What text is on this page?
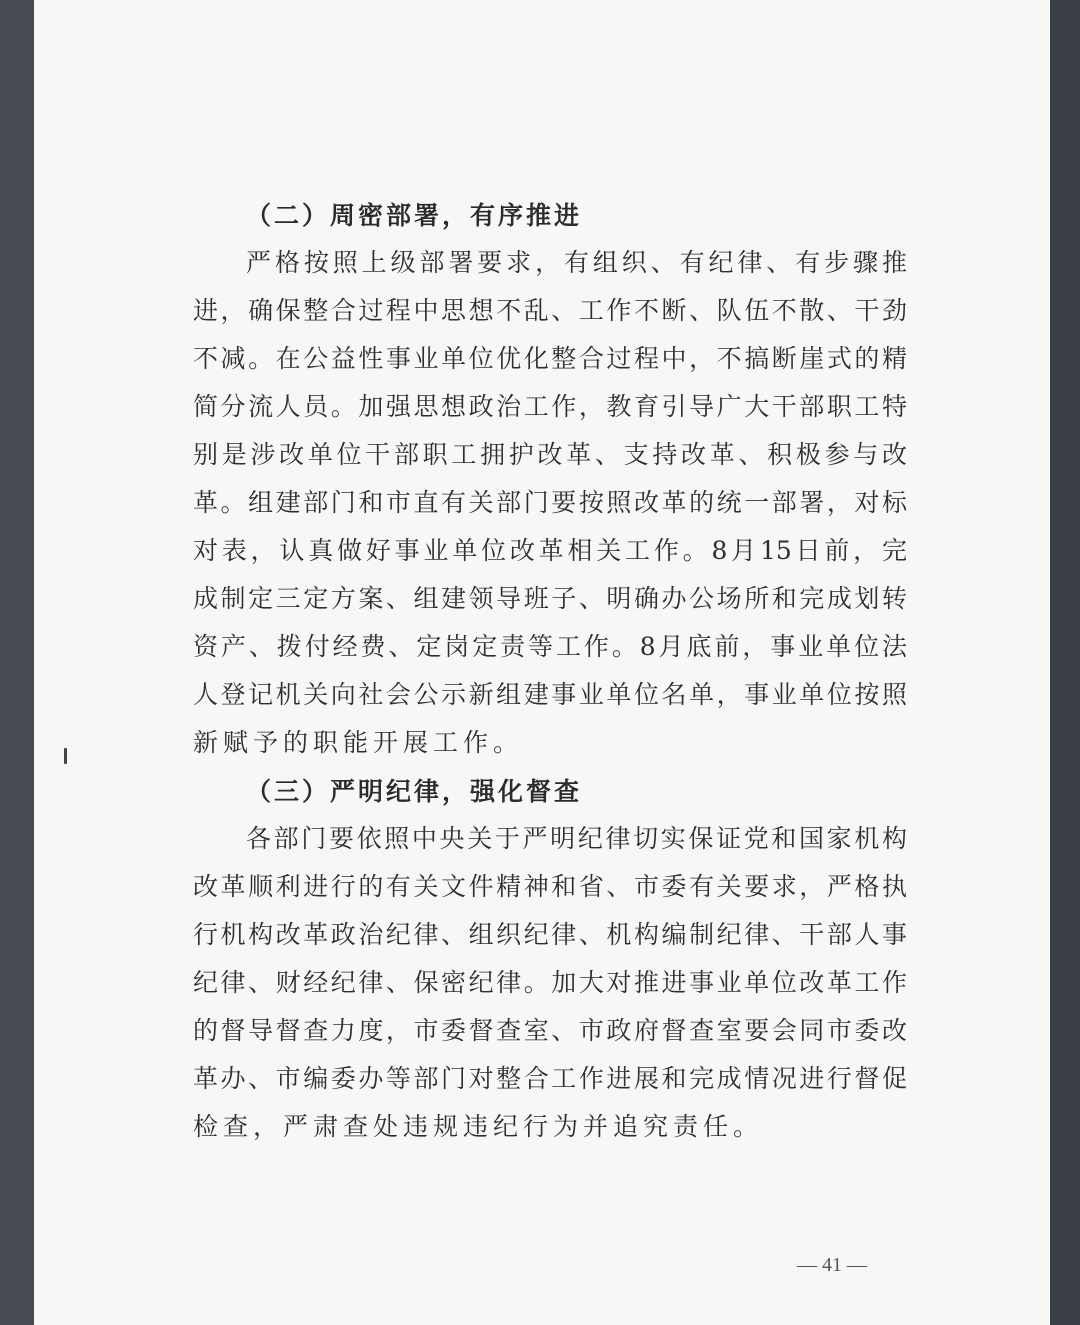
（二）周密部署，有序推进
严格按照上级部署要求，有组织、有纪律、有步骤推
进，确保整合过程中思想不乱、工作不断、队伍不散、干劲
不减。在公益性事业单位优化整合过程中，不搞断崖式的精
简分流人员。加强思想政治工作，教育引导广大干部职工特
别是涉改单位干部职工拥护改革、支持改革、积极参与改
革。组建部门和市直有关部门要按照改革的统一部署，对标
对表，认真做好事业单位改革相关工作。8月15日前，完
成制定三定方案、组建领导班子、明确办公场所和完成划转
资产、拨付经费、定岗定责等工作。8月底前，事业单位法
人登记机关向社会公示新组建事业单位名单，事业单位按照
新赋予的职能开展工作。
（三）严明纪律，强化督查
各部门要依照中央关于严明纪律切实保证党和国家机构
改革顺利进行的有关文件精神和省、市委有关要求，严格执
行机构改革政治纪律、组织纪律、机构编制纪律、干部人事
纪律、财经纪律、保密纪律。加大对推进事业单位改革工作
的督导督查力度，市委督查室、市政府督查室要会同市委改
革办、市编委办等部门对整合工作进展和完成情况进行督促
检查，严肃查处违规违纪行为并追究责任。
— 41 —
